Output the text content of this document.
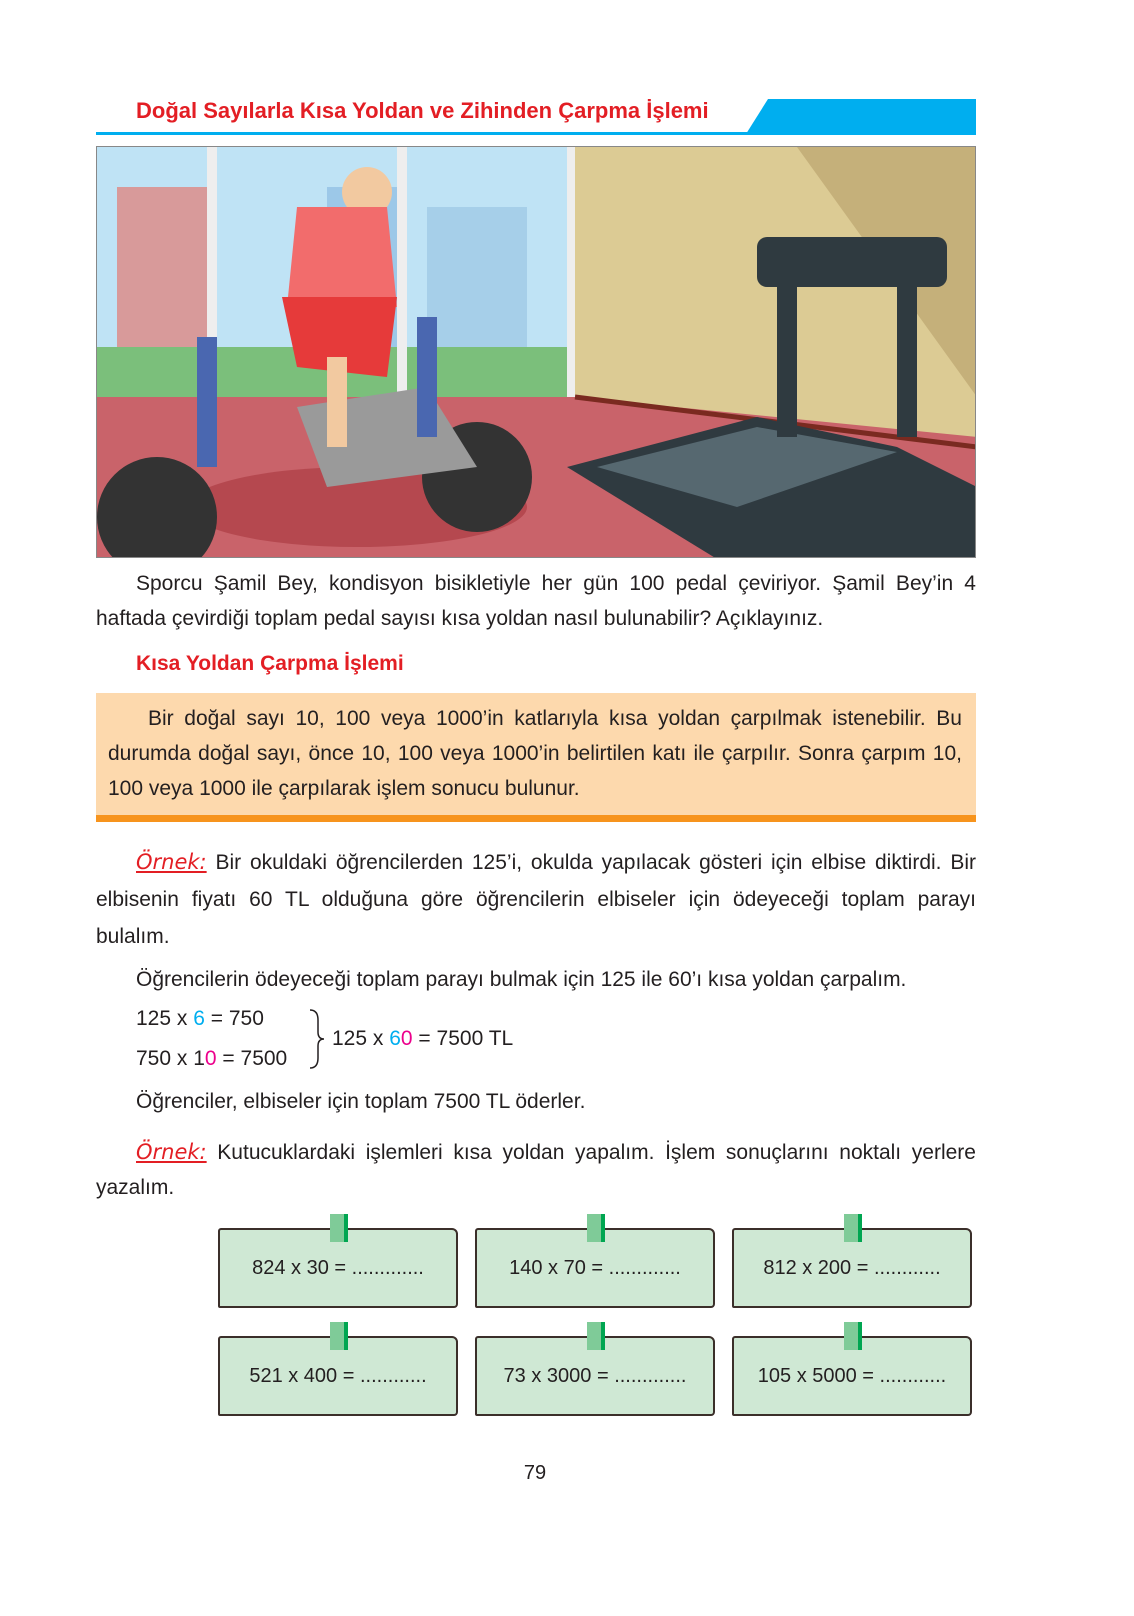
Doğal Sayılarla Kısa Yoldan ve Zihinden Çarpma İşlemi
Sporcu Şamil Bey, kondisyon bisikletiyle her gün 100 pedal çeviriyor. Şamil Bey’in 4 haftada çevirdiği toplam pedal sayısı kısa yoldan nasıl bulunabilir? Açıklayınız.
Kısa Yoldan Çarpma İşlemi
Bir doğal sayı 10, 100 veya 1000’in katlarıyla kısa yoldan çarpılmak istenebilir. Bu durumda doğal sayı, önce 10, 100 veya 1000’in belirtilen katı ile çarpılır. Sonra çarpım 10, 100 veya 1000 ile çarpılarak işlem sonucu bulunur.
Örnek: Bir okuldaki öğrencilerden 125’i, okulda yapılacak gösteri için elbise diktirdi. Bir elbisenin fiyatı 60 TL olduğuna göre öğrencilerin elbiseler için ödeyeceği toplam parayı bulalım.
Öğrencilerin ödeyeceği toplam parayı bulmak için 125 ile 60’ı kısa yoldan çarpalım.
125 x 6 = 750
750 x 10 = 7500
125 x 60 = 7500 TL
Öğrenciler, elbiseler için toplam 7500 TL öderler.
Örnek: Kutucuklardaki işlemleri kısa yoldan yapalım. İşlem sonuçlarını noktalı yerlere yazalım.
824 x 30 = .............	140 x 70 = .............	812 x 200 = ............
521 x 400 = ............	73 x 3000 = .............	105 x 5000 = ............
79
